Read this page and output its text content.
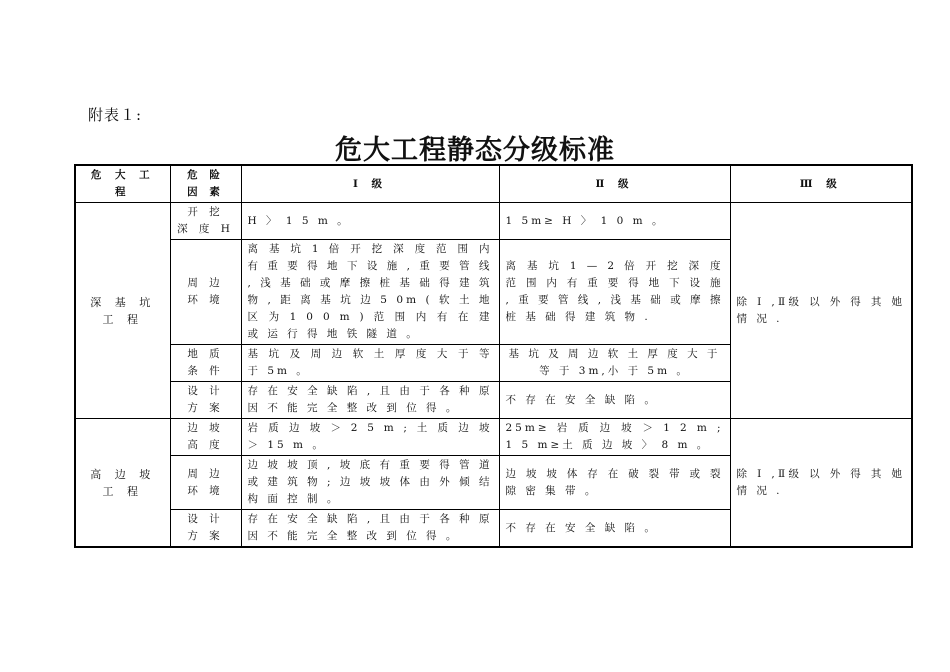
附表１:
危大工程静态分级标准
危 大 工 程	危 险 因 素	Ⅰ 级	Ⅱ 级	Ⅲ 级
深 基 坑 工 程	开 挖 深 度 H	H 〉 1 5 m 。	1 5m≥ H 〉 1 0 m 。	除 Ⅰ ,Ⅱ级 以 外 得 其 她 情 况 .
	周 边 环 境	离 基 坑 1 倍 开 挖 深 度 范 围 内 有 重 要 得 地 下 设 施 , 重 要 管 线 , 浅 基 础 或 摩 擦 桩 基 础 得 建 筑 物 , 距 离 基 坑 边 5 0m ( 软 土 地 区 为 1 0 0 m ) 范 围 内 有 在 建 或 运 行 得 地 铁 隧 道 。	离 基 坑 1 — 2 倍 开 挖 深 度 范 围 内 有 重 要 得 地 下 设 施 , 重 要 管 线 , 浅 基 础 或 摩 擦 桩 基 础 得 建 筑 物 .	
	地 质 条 件	基 坑 及 周 边 软 土 厚 度 大 于 等 于 5m 。	基 坑 及 周 边 软 土 厚 度 大 于 等 于 3m,小 于 5m 。	
	设 计 方 案	存 在 安 全 缺 陷 , 且 由 于 各 种 原 因 不 能 完 全 整 改 到 位 得 。	不 存 在 安 全 缺 陷 。	
高 边 坡 工 程	边 坡 高 度	岩 质 边 坡 ＞ 2 5 m ; 土 质 边 坡 ＞ 15 m 。	25m≥ 岩 质 边 坡 ＞ 1 2 m ; 1 5 m≥土 质 边 坡 〉 8 m 。	除 Ⅰ ,Ⅱ级 以 外 得 其 她 情 况 .
	周 边 环 境	边 坡 坡 顶 , 坡 底 有 重 要 得 管 道 或 建 筑 物 ; 边 坡 坡 体 由 外 倾 结 构 面 控 制 。	边 坡 坡 体 存 在 破 裂 带 或 裂 隙 密 集 带 。	
	设 计 方 案	存 在 安 全 缺 陷 , 且 由 于 各 种 原 因 不 能 完 全 整 改 到 位 得 。	不 存 在 安 全 缺 陷 。	
